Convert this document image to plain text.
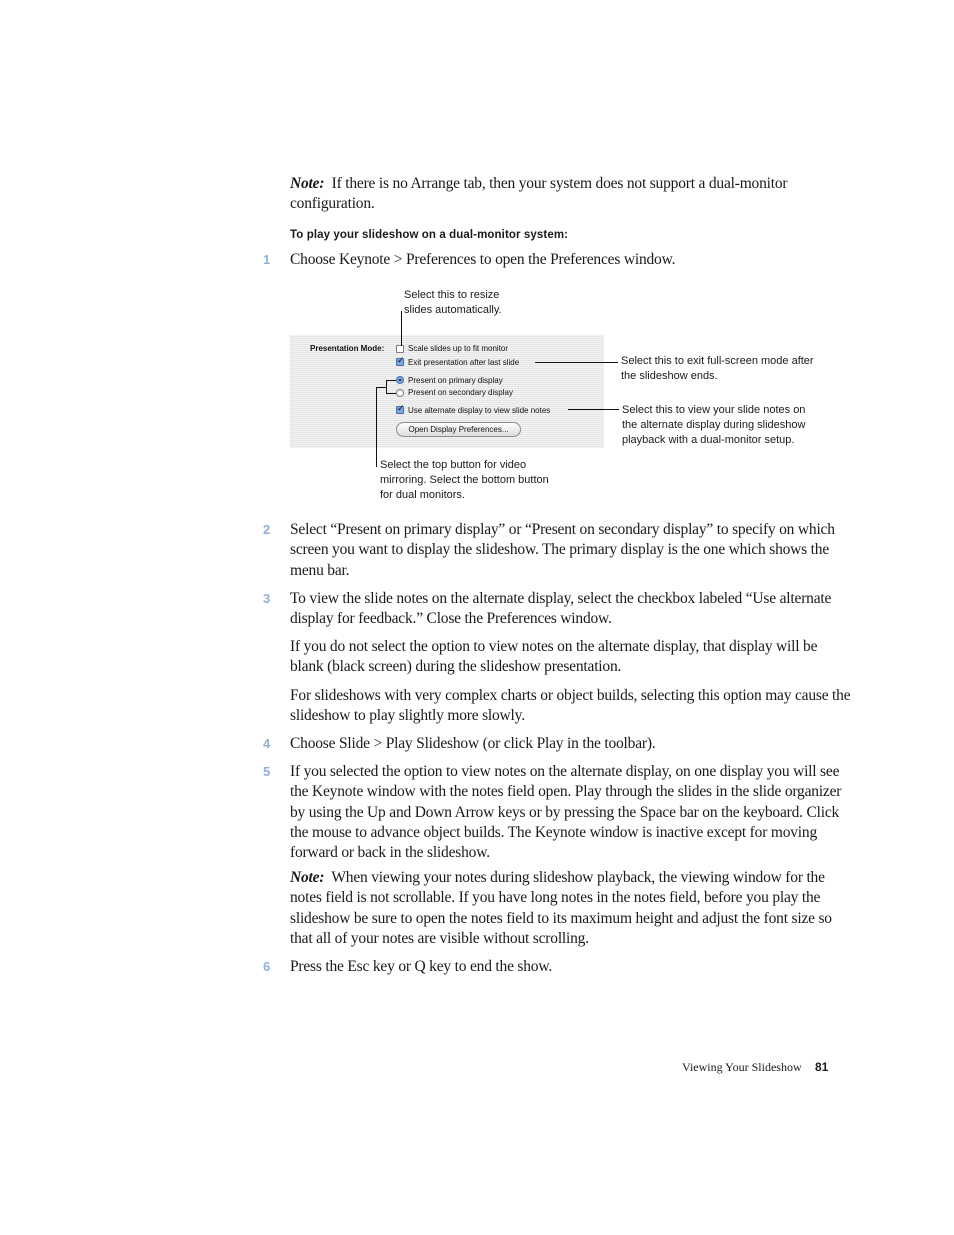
Note: If there is no Arrange tab, then your system does not support a dual-monitor
configuration.
To play your slideshow on a dual-monitor system:
1 Choose Keynote > Preferences to open the Preferences window.
Presentation Mode:	Scale slides up to fit monitor
✓
Exit presentation after last slide
Present on primary display
Present on secondary display
✓
Use alternate display to view slide notes
Open Display Preferences...
Select this to resize
slides automatically.
Select this to exit full-screen mode after
the slideshow ends.
Select this to view your slide notes on
the alternate display during slideshow
playback with a dual-monitor setup.
Select the top button for video
mirroring. Select the bottom button
for dual monitors.
2 Select “Present on primary display” or “Present on secondary display” to specify on which
screen you want to display the slideshow. The primary display is the one which shows the
menu bar.
3 To view the slide notes on the alternate display, select the checkbox labeled “Use alternate
display for feedback.” Close the Preferences window.
If you do not select the option to view notes on the alternate display, that display will be
blank (black screen) during the slideshow presentation.
For slideshows with very complex charts or object builds, selecting this option may cause the
slideshow to play slightly more slowly.
4 Choose Slide > Play Slideshow (or click Play in the toolbar).
5 If you selected the option to view notes on the alternate display, on one display you will see
the Keynote window with the notes field open. Play through the slides in the slide organizer
by using the Up and Down Arrow keys or by pressing the Space bar on the keyboard. Click
the mouse to advance object builds. The Keynote window is inactive except for moving
forward or back in the slideshow.
Note: When viewing your notes during slideshow playback, the viewing window for the
notes field is not scrollable. If you have long notes in the notes field, before you play the
slideshow be sure to open the notes field to its maximum height and adjust the font size so
that all of your notes are visible without scrolling.
6 Press the Esc key or Q key to end the show.
Viewing Your Slideshow 81
